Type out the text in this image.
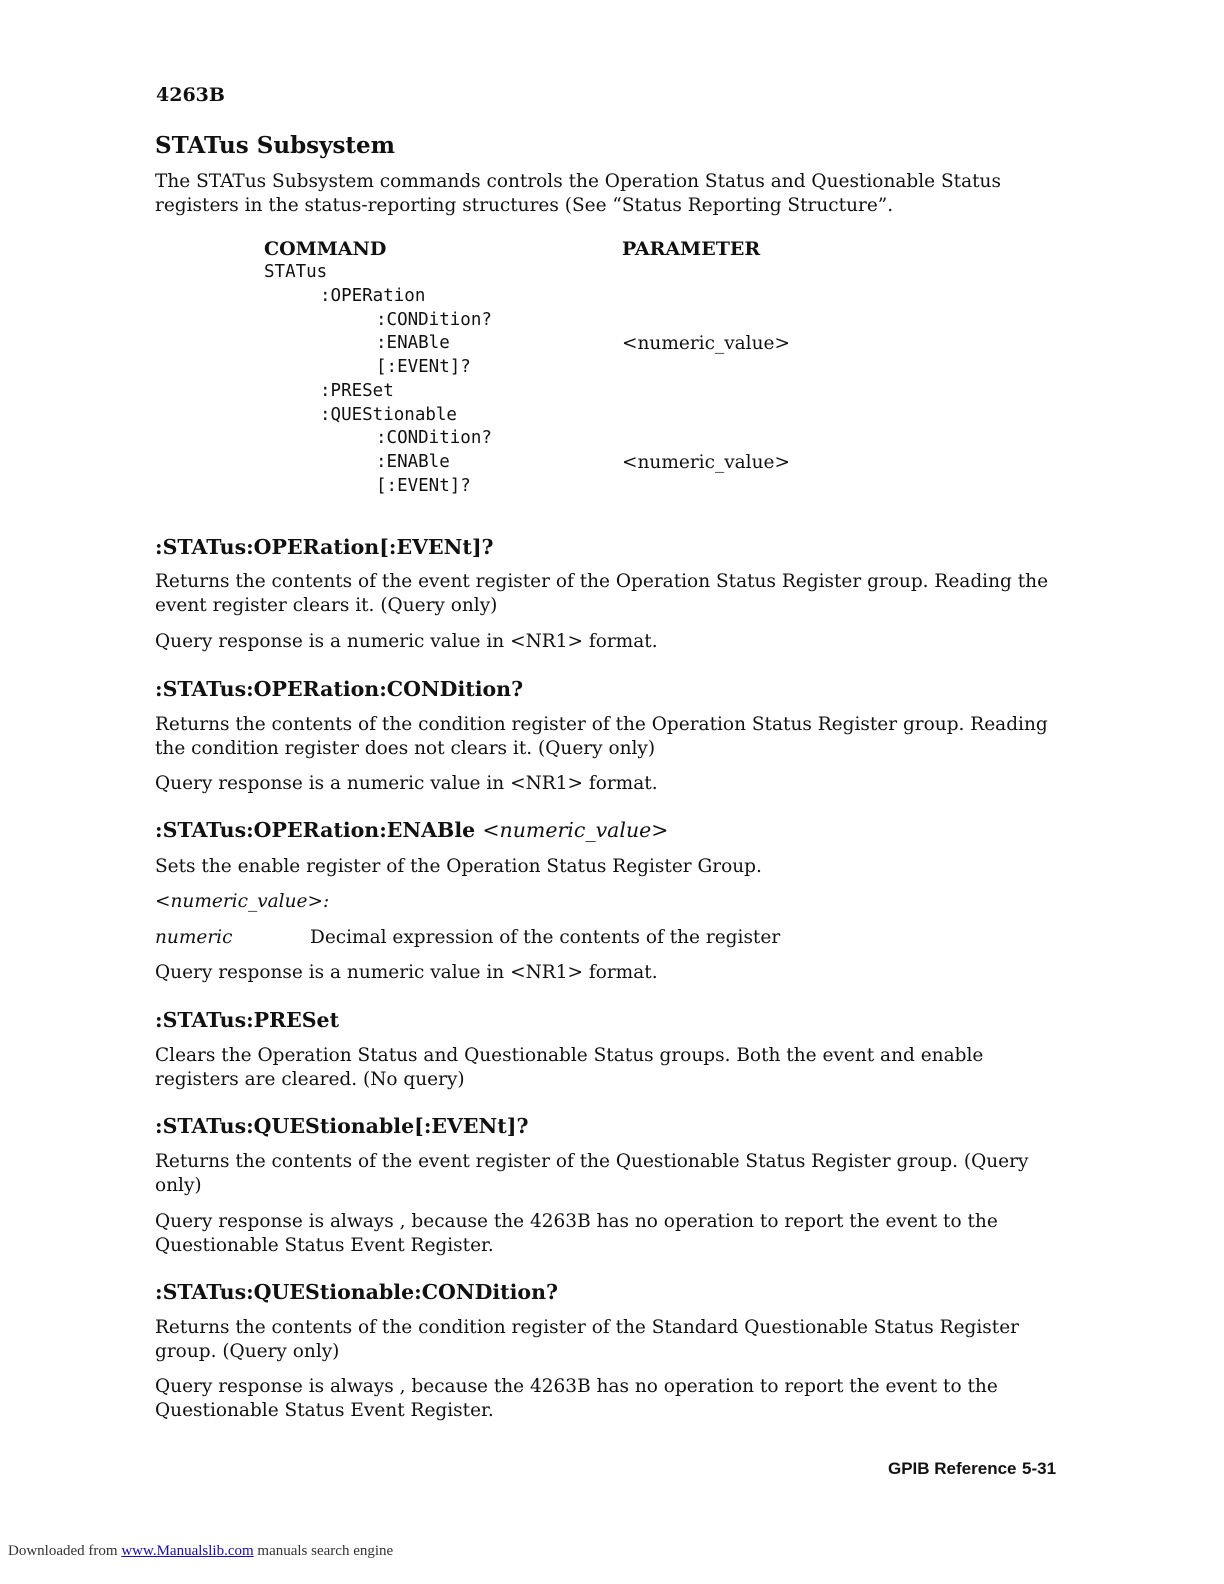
4263B
STATus Subsystem
The STATus Subsystem commands controls the Operation Status and Questionable Status
registers in the status-reporting structures (See “Status Reporting Structure”.
COMMAND	PARAMETER
STATus
:OPERation
:CONDition?
:ENABle	<numeric_value>
[:EVENt]?
:PRESet
:QUEStionable
:CONDition?
:ENABle	<numeric_value>
[:EVENt]?
:STATus:OPERation[:EVENt]?
Returns the contents of the event register of the Operation Status Register group. Reading the
event register clears it. (Query only)
Query response is a numeric value in <NR1> format.
:STATus:OPERation:CONDition?
Returns the contents of the condition register of the Operation Status Register group. Reading
the condition register does not clears it. (Query only)
Query response is a numeric value in <NR1> format.
:STATus:OPERation:ENABle <numeric_value>
Sets the enable register of the Operation Status Register Group.
<numeric_value>:
numeric	Decimal expression of the contents of the register
Query response is a numeric value in <NR1> format.
:STATus:PRESet
Clears the Operation Status and Questionable Status groups. Both the event and enable
registers are cleared. (No query)
:STATus:QUEStionable[:EVENt]?
Returns the contents of the event register of the Questionable Status Register group. (Query
only)
Query response is always , because the 4263B has no operation to report the event to the
Questionable Status Event Register.
:STATus:QUEStionable:CONDition?
Returns the contents of the condition register of the Standard Questionable Status Register
group. (Query only)
Query response is always , because the 4263B has no operation to report the event to the
Questionable Status Event Register.
GPIB Reference 5-31
Downloaded from www.Manualslib.com manuals search engine
